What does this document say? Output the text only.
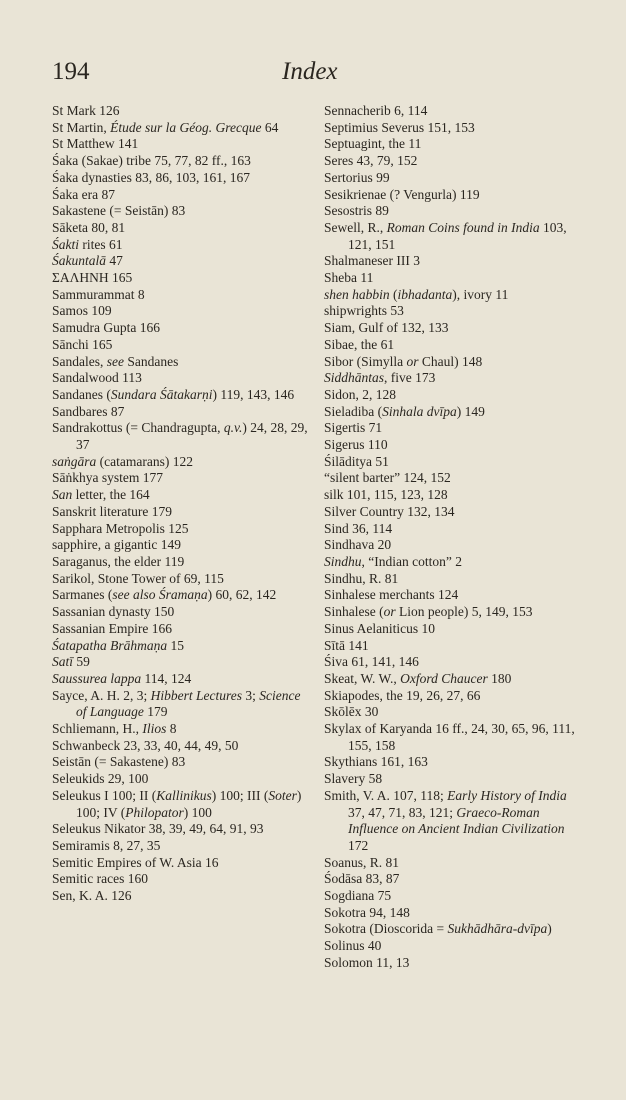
194	Index

St Mark 126

St Martin, Étude sur la Géog. Grecque 64

St Matthew 141

Śaka (Sakae) tribe 75, 77, 82 ff., 163

Śaka dynasties 83, 86, 103, 161, 167

Śaka era 87

Sakastene (= Seistān) 83

Sāketa 80, 81

Śakti rites 61

Śakuntalā 47

ΣΑΛΗΝΗ 165

Sammurammat 8

Samos 109

Samudra Gupta 166

Sānchi 165

Sandales, see Sandanes

Sandalwood 113

Sandanes (Sundara Śātakarṇi) 119, 143, 146

Sandbares 87

Sandrakottus (= Chandragupta, q.v.) 24, 28, 29, 37

saṅgāra (catamarans) 122

Sāṅkhya system 177

San letter, the 164

Sanskrit literature 179

Sapphara Metropolis 125

sapphire, a gigantic 149

Saraganus, the elder 119

Sarikol, Stone Tower of 69, 115

Sarmanes (see also Śramaṇa) 60, 62, 142

Sassanian dynasty 150

Sassanian Empire 166

Śatapatha Brāhmaṇa 15

Satī 59

Saussurea lappa 114, 124

Sayce, A. H. 2, 3; Hibbert Lectures 3; Science of Language 179

Schliemann, H., Ilios 8

Schwanbeck 23, 33, 40, 44, 49, 50

Seistān (= Sakastene) 83

Seleukids 29, 100

Seleukus I 100; II (Kallinikus) 100; III (Soter) 100; IV (Philopator) 100

Seleukus Nikator 38, 39, 49, 64, 91, 93

Semiramis 8, 27, 35

Semitic Empires of W. Asia 16

Semitic races 160

Sen, K. A. 126

Sennacherib 6, 114

Septimius Severus 151, 153

Septuagint, the 11

Seres 43, 79, 152

Sertorius 99

Sesikrienae (? Vengurla) 119

Sesostris 89

Sewell, R., Roman Coins found in India 103, 121, 151

Shalmaneser III 3

Sheba 11

shen habbin (ibhadanta), ivory 11

shipwrights 53

Siam, Gulf of 132, 133

Sibae, the 61

Sibor (Simylla or Chaul) 148

Siddhāntas, five 173

Sidon, 2, 128

Sieladiba (Sinhala dvīpa) 149

Sigertis 71

Sigerus 110

Śilāditya 51

“silent barter” 124, 152

silk 101, 115, 123, 128

Silver Country 132, 134

Sind 36, 114

Sindhava 20

Sindhu, “Indian cotton” 2

Sindhu, R. 81

Sinhalese merchants 124

Sinhalese (or Lion people) 5, 149, 153

Sinus Aelaniticus 10

Sītā 141

Śiva 61, 141, 146

Skeat, W. W., Oxford Chaucer 180

Skiapodes, the 19, 26, 27, 66

Skōlēx 30

Skylax of Karyanda 16 ff., 24, 30, 65, 96, 111, 155, 158

Skythians 161, 163

Slavery 58

Smith, V. A. 107, 118; Early History of India 37, 47, 71, 83, 121; Graeco-Roman Influence on Ancient Indian Civilization 172

Soanus, R. 81

Śodāsa 83, 87

Sogdiana 75

Sokotra 94, 148

Sokotra (Dioscorida = Sukhādhāra-dvīpa)

Solinus 40

Solomon 11, 13
